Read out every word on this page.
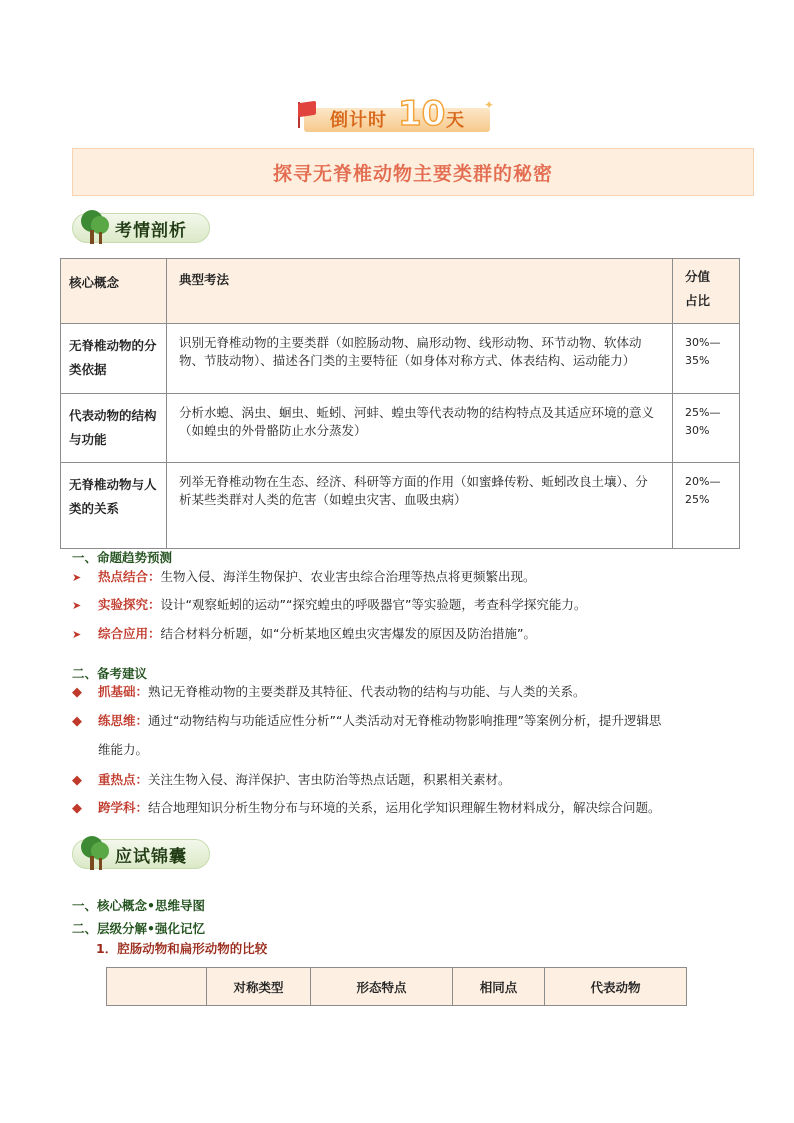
倒计时 10 天
✦
探寻无脊椎动物主要类群的秘密
考情剖析
核心概念	典型考法	分值
占比
无脊椎动物的分类依据	识别无脊椎动物的主要类群（如腔肠动物、扁形动物、线形动物、环节动物、软体动物、节肢动物）、描述各门类的主要特征（如身体对称方式、体表结构、运动能力）	30%—35%
代表动物的结构与功能	分析水螅、涡虫、蛔虫、蚯蚓、河蚌、蝗虫等代表动物的结构特点及其适应环境的意义（如蝗虫的外骨骼防止水分蒸发）	25%—30%
无脊椎动物与人类的关系	列举无脊椎动物在生态、经济、科研等方面的作用（如蜜蜂传粉、蚯蚓改良土壤）、分析某些类群对人类的危害（如蝗虫灾害、血吸虫病）	20%—25%
一、命题趋势预测
➤ 热点结合：生物入侵、海洋生物保护、农业害虫综合治理等热点将更频繁出现。
➤ 实验探究：设计“观察蚯蚓的运动”“探究蝗虫的呼吸器官”等实验题，考查科学探究能力。
➤ 综合应用：结合材料分析题，如“分析某地区蝗虫灾害爆发的原因及防治措施”。
二、备考建议
◆ 抓基础：熟记无脊椎动物的主要类群及其特征、代表动物的结构与功能、与人类的关系。
◆ 练思维：通过“动物结构与功能适应性分析”“人类活动对无脊椎动物影响推理”等案例分析，提升逻辑思
维能力。
◆ 重热点：关注生物入侵、海洋保护、害虫防治等热点话题，积累相关素材。
◆ 跨学科：结合地理知识分析生物分布与环境的关系，运用化学知识理解生物材料成分，解决综合问题。
应试锦囊
一、核心概念•思维导图
二、层级分解•强化记忆
1．腔肠动物和扁形动物的比较
	对称类型	形态特点	相同点	代表动物
